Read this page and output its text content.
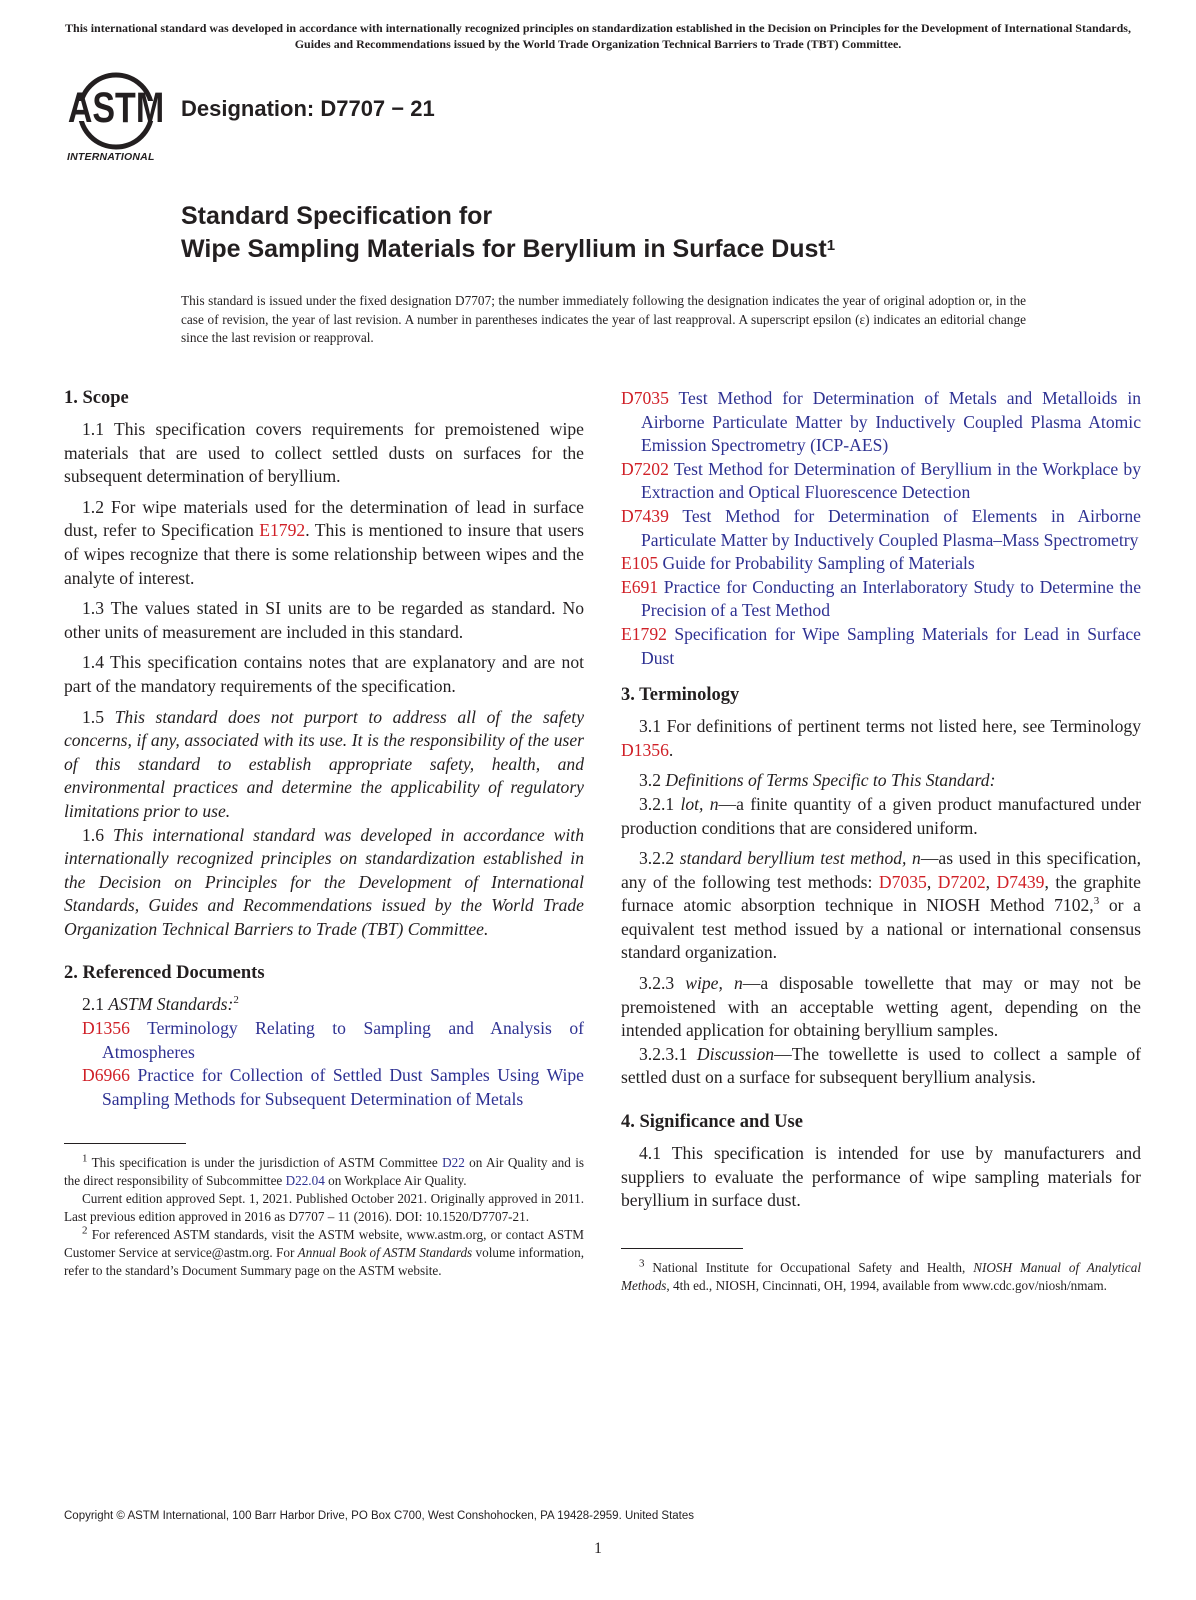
This international standard was developed in accordance with internationally recognized principles on standardization established in the Decision on Principles for the Development of International Standards, Guides and Recommendations issued by the World Trade Organization Technical Barriers to Trade (TBT) Committee.
ASTM
INTERNATIONAL
Designation: D7707 − 21
Standard Specification for
Wipe Sampling Materials for Beryllium in Surface Dust$^1$
This standard is issued under the fixed designation D7707; the number immediately following the designation indicates the year of original adoption or, in the case of revision, the year of last revision. A number in parentheses indicates the year of last reapproval. A superscript epsilon (ε) indicates an editorial change since the last revision or reapproval.
1. Scope

1.1 This specification covers requirements for premoistened wipe materials that are used to collect settled dusts on surfaces for the subsequent determination of beryllium.

1.2 For wipe materials used for the determination of lead in surface dust, refer to Specification E1792. This is mentioned to insure that users of wipes recognize that there is some relationship between wipes and the analyte of interest.

1.3 The values stated in SI units are to be regarded as standard. No other units of measurement are included in this standard.

1.4 This specification contains notes that are explanatory and are not part of the mandatory requirements of the specification.

1.5 This standard does not purport to address all of the safety concerns, if any, associated with its use. It is the responsibility of the user of this standard to establish appropriate safety, health, and environmental practices and determine the applicability of regulatory limitations prior to use.

1.6 This international standard was developed in accordance with internationally recognized principles on standardization established in the Decision on Principles for the Development of International Standards, Guides and Recommendations issued by the World Trade Organization Technical Barriers to Trade (TBT) Committee.

2. Referenced Documents

2.1 ASTM Standards:$^2$

D1356 Terminology Relating to Sampling and Analysis of Atmospheres

D6966 Practice for Collection of Settled Dust Samples Using Wipe Sampling Methods for Subsequent Determination of Metals

$^1$ This specification is under the jurisdiction of ASTM Committee D22 on Air Quality and is the direct responsibility of Subcommittee D22.04 on Workplace Air Quality.

Current edition approved Sept. 1, 2021. Published October 2021. Originally approved in 2011. Last previous edition approved in 2016 as D7707 – 11 (2016). DOI: 10.1520/D7707-21.

$^2$ For referenced ASTM standards, visit the ASTM website, www.astm.org, or contact ASTM Customer Service at service@astm.org. For Annual Book of ASTM Standards volume information, refer to the standard’s Document Summary page on the ASTM website.

D7035 Test Method for Determination of Metals and Metalloids in Airborne Particulate Matter by Inductively Coupled Plasma Atomic Emission Spectrometry (ICP-AES)

D7202 Test Method for Determination of Beryllium in the Workplace by Extraction and Optical Fluorescence Detection

D7439 Test Method for Determination of Elements in Airborne Particulate Matter by Inductively Coupled Plasma–Mass Spectrometry

E105 Guide for Probability Sampling of Materials

E691 Practice for Conducting an Interlaboratory Study to Determine the Precision of a Test Method

E1792 Specification for Wipe Sampling Materials for Lead in Surface Dust

3. Terminology

3.1 For definitions of pertinent terms not listed here, see Terminology D1356.

3.2 Definitions of Terms Specific to This Standard:

3.2.1 lot, n—a finite quantity of a given product manufactured under production conditions that are considered uniform.

3.2.2 standard beryllium test method, n—as used in this specification, any of the following test methods: D7035, D7202, D7439, the graphite furnace atomic absorption technique in NIOSH Method 7102,$^3$ or a equivalent test method issued by a national or international consensus standard organization.

3.2.3 wipe, n—a disposable towellette that may or may not be premoistened with an acceptable wetting agent, depending on the intended application for obtaining beryllium samples.

3.2.3.1 Discussion—The towellette is used to collect a sample of settled dust on a surface for subsequent beryllium analysis.

4. Significance and Use

4.1 This specification is intended for use by manufacturers and suppliers to evaluate the performance of wipe sampling materials for beryllium in surface dust.

$^3$ National Institute for Occupational Safety and Health, NIOSH Manual of Analytical Methods, 4th ed., NIOSH, Cincinnati, OH, 1994, available from www.cdc.gov/niosh/nmam.

Copyright © ASTM International, 100 Barr Harbor Drive, PO Box C700, West Conshohocken, PA 19428-2959. United States
1
